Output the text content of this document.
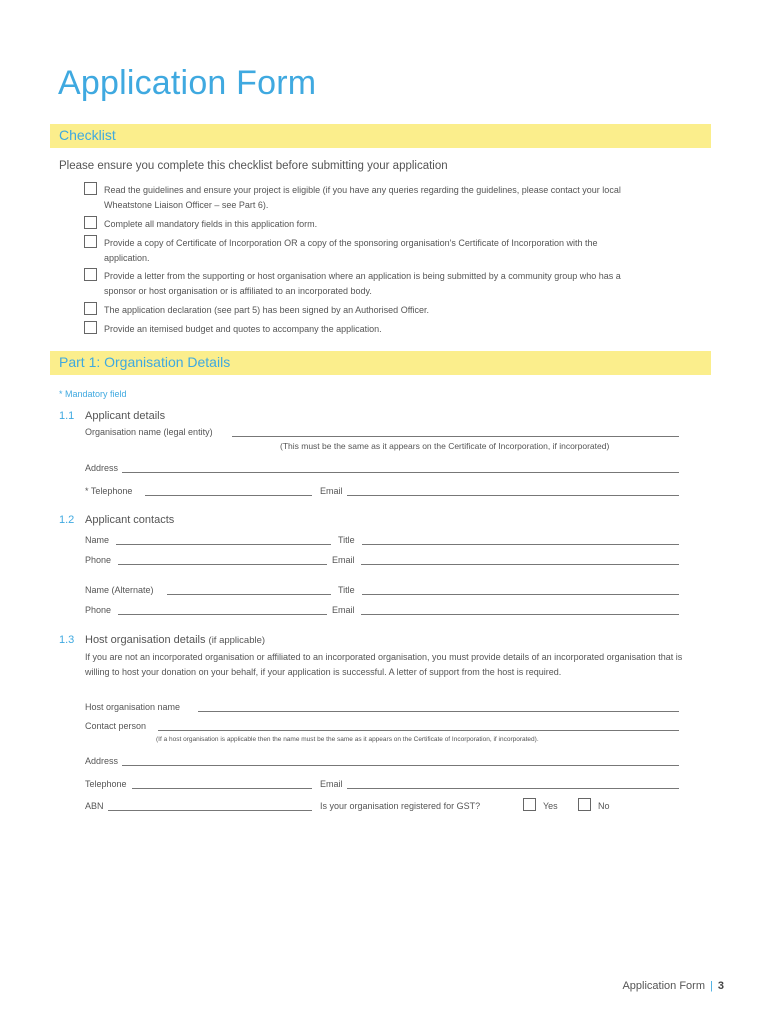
Application Form
Checklist
Please ensure you complete this checklist before submitting your application
Read the guidelines and ensure your project is eligible (if you have any queries regarding the guidelines, please contact your local Wheatstone Liaison Officer – see Part 6).
Complete all mandatory fields in this application form.
Provide a copy of Certificate of Incorporation OR a copy of the sponsoring organisation's Certificate of Incorporation with the application.
Provide a letter from the supporting or host organisation where an application is being submitted by a community group who has a sponsor or host organisation or is affiliated to an incorporated body.
The application declaration (see part 5) has been signed by an Authorised Officer.
Provide an itemised budget and quotes to accompany the application.
Part 1: Organisation Details
* Mandatory field
1.1 Applicant details
Organisation name (legal entity)
(This must be the same as it appears on the Certificate of Incorporation, if incorporated)
Address
* Telephone	Email
1.2 Applicant contacts
Name	Title
Phone	Email
Name (Alternate)	Title
Phone	Email
1.3 Host organisation details (if applicable)
If you are not an incorporated organisation or affiliated to an incorporated organisation, you must provide details of an incorporated organisation that is willing to host your donation on your behalf, if your application is successful. A letter of support from the host is required.
Host organisation name
Contact person
(If a host organisation is applicable then the name must be the same as it appears on the Certificate of Incorporation, if incorporated).
Address
Telephone	Email
ABN	Is your organisation registered for GST?	Yes	No
Application Form | 3
